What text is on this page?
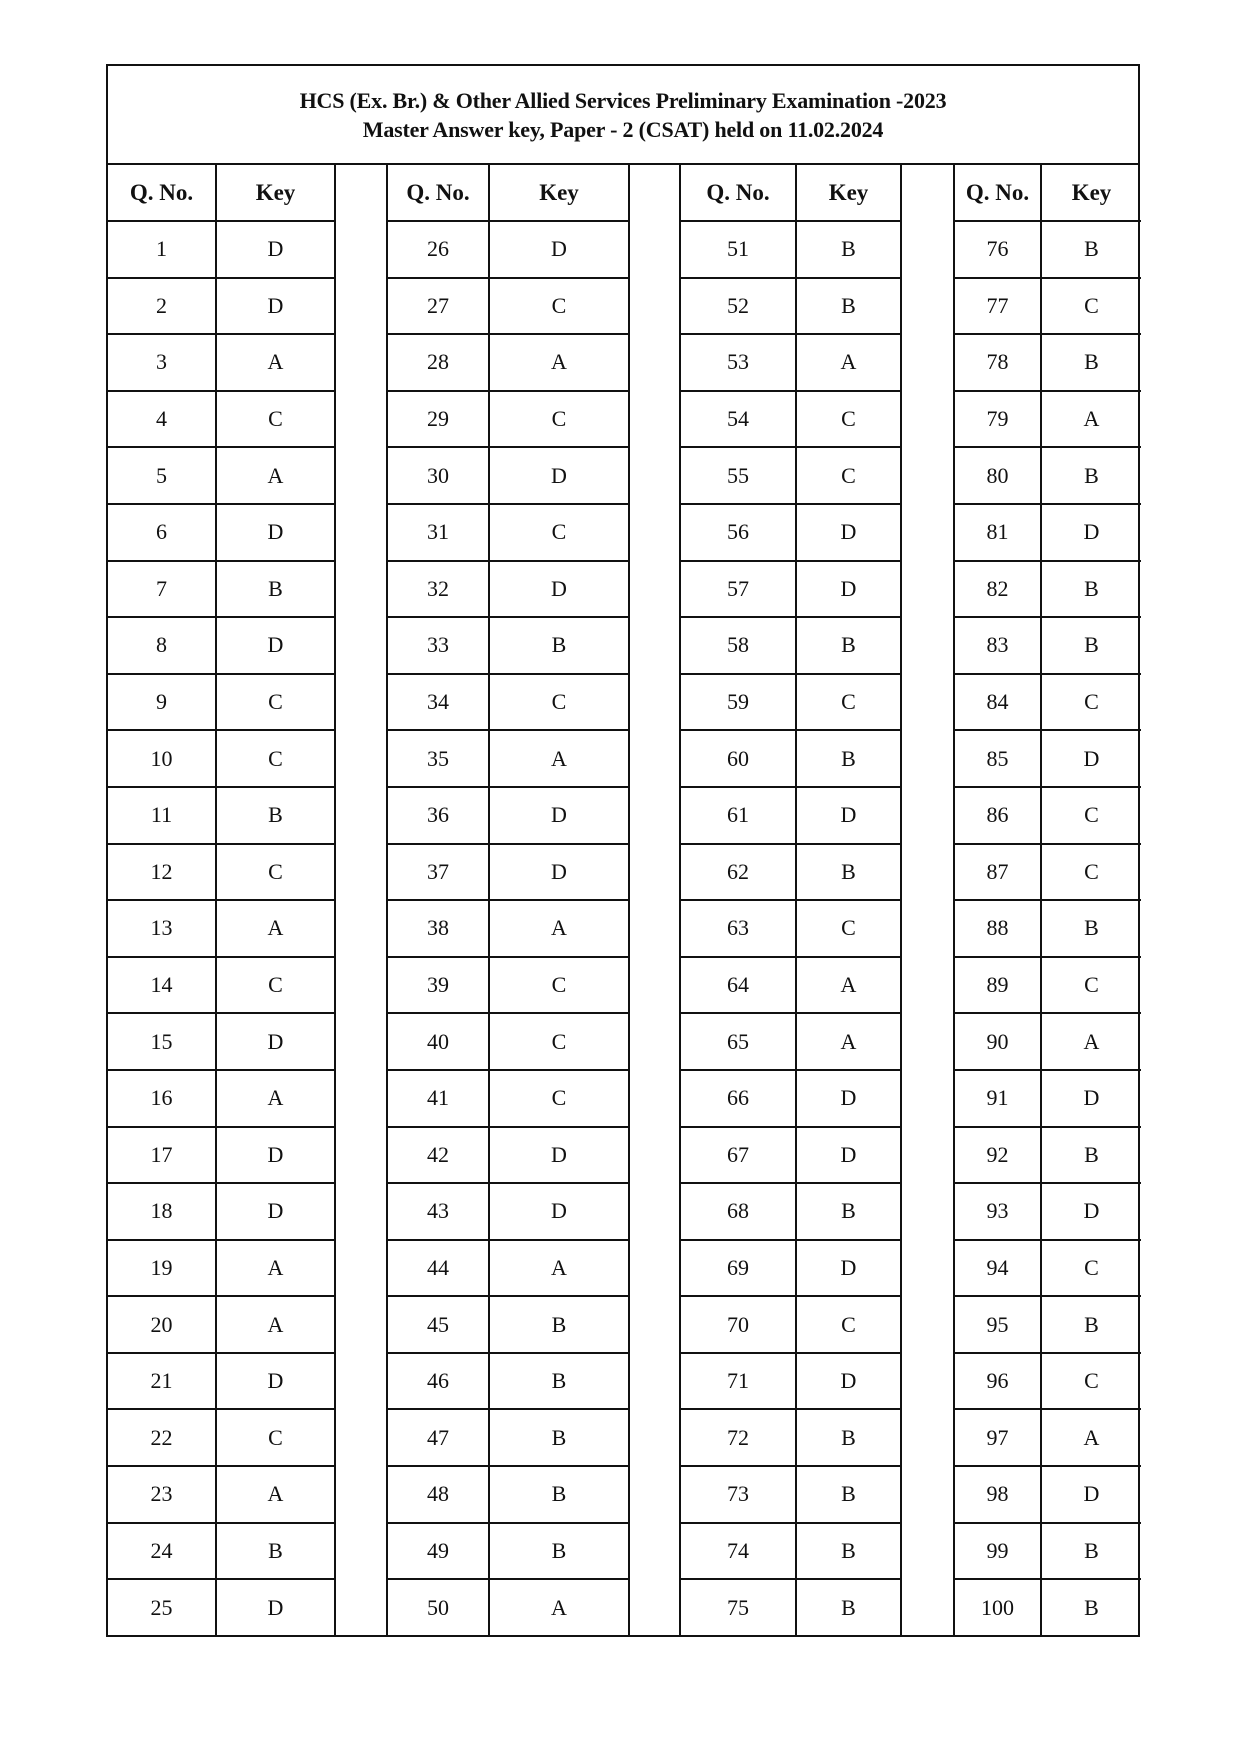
HCS (Ex. Br.) & Other Allied Services Preliminary Examination -2023
Master Answer key, Paper - 2 (CSAT) held on 11.02.2024
Q. No.
1
2
3
4
5
6
7
8
9
10
11
12
13
14
15
16
17
18
19
20
21
22
23
24
25
Key
D
D
A
C
A
D
B
D
C
C
B
C
A
C
D
A
D
D
A
A
D
C
A
B
D
Q. No.
26
27
28
29
30
31
32
33
34
35
36
37
38
39
40
41
42
43
44
45
46
47
48
49
50
Key
D
C
A
C
D
C
D
B
C
A
D
D
A
C
C
C
D
D
A
B
B
B
B
B
A
Q. No.
51
52
53
54
55
56
57
58
59
60
61
62
63
64
65
66
67
68
69
70
71
72
73
74
75
Key
B
B
A
C
C
D
D
B
C
B
D
B
C
A
A
D
D
B
D
C
D
B
B
B
B
Q. No.
76
77
78
79
80
81
82
83
84
85
86
87
88
89
90
91
92
93
94
95
96
97
98
99
100
Key
B
C
B
A
B
D
B
B
C
D
C
C
B
C
A
D
B
D
C
B
C
A
D
B
B
